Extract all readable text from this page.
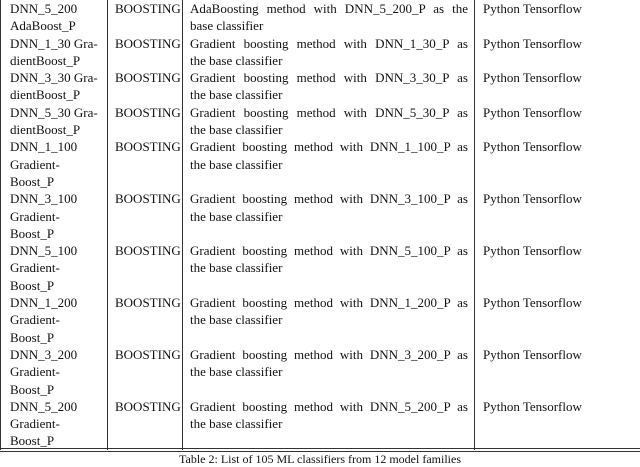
DNN_5_200
AdaBoost_P
BOOSTING AdaBoosting method with DNN_5_200_P as the
base classifier
Python Tensorflow
DNN_1_30 Gra-
dientBoost_P
BOOSTING Gradient boosting method with DNN_1_30_P as
the base classifier
Python Tensorflow
DNN_3_30 Gra-
dientBoost_P
BOOSTING Gradient boosting method with DNN_3_30_P as
the base classifier
Python Tensorflow
DNN_5_30 Gra-
dientBoost_P
BOOSTING Gradient boosting method with DNN_5_30_P as
the base classifier
Python Tensorflow
DNN_1_100
Gradient-
Boost_P
BOOSTING Gradient boosting method with DNN_1_100_P as
the base classifier
Python Tensorflow
DNN_3_100
Gradient-
Boost_P
BOOSTING Gradient boosting method with DNN_3_100_P as
the base classifier
Python Tensorflow
DNN_5_100
Gradient-
Boost_P
BOOSTING Gradient boosting method with DNN_5_100_P as
the base classifier
Python Tensorflow
DNN_1_200
Gradient-
Boost_P
BOOSTING Gradient boosting method with DNN_1_200_P as
the base classifier
Python Tensorflow
DNN_3_200
Gradient-
Boost_P
BOOSTING Gradient boosting method with DNN_3_200_P as
the base classifier
Python Tensorflow
DNN_5_200
Gradient-
Boost_P
BOOSTING Gradient boosting method with DNN_5_200_P as
the base classifier
Python Tensorflow
Table 2: List of 105 ML classifiers from 12 model families
